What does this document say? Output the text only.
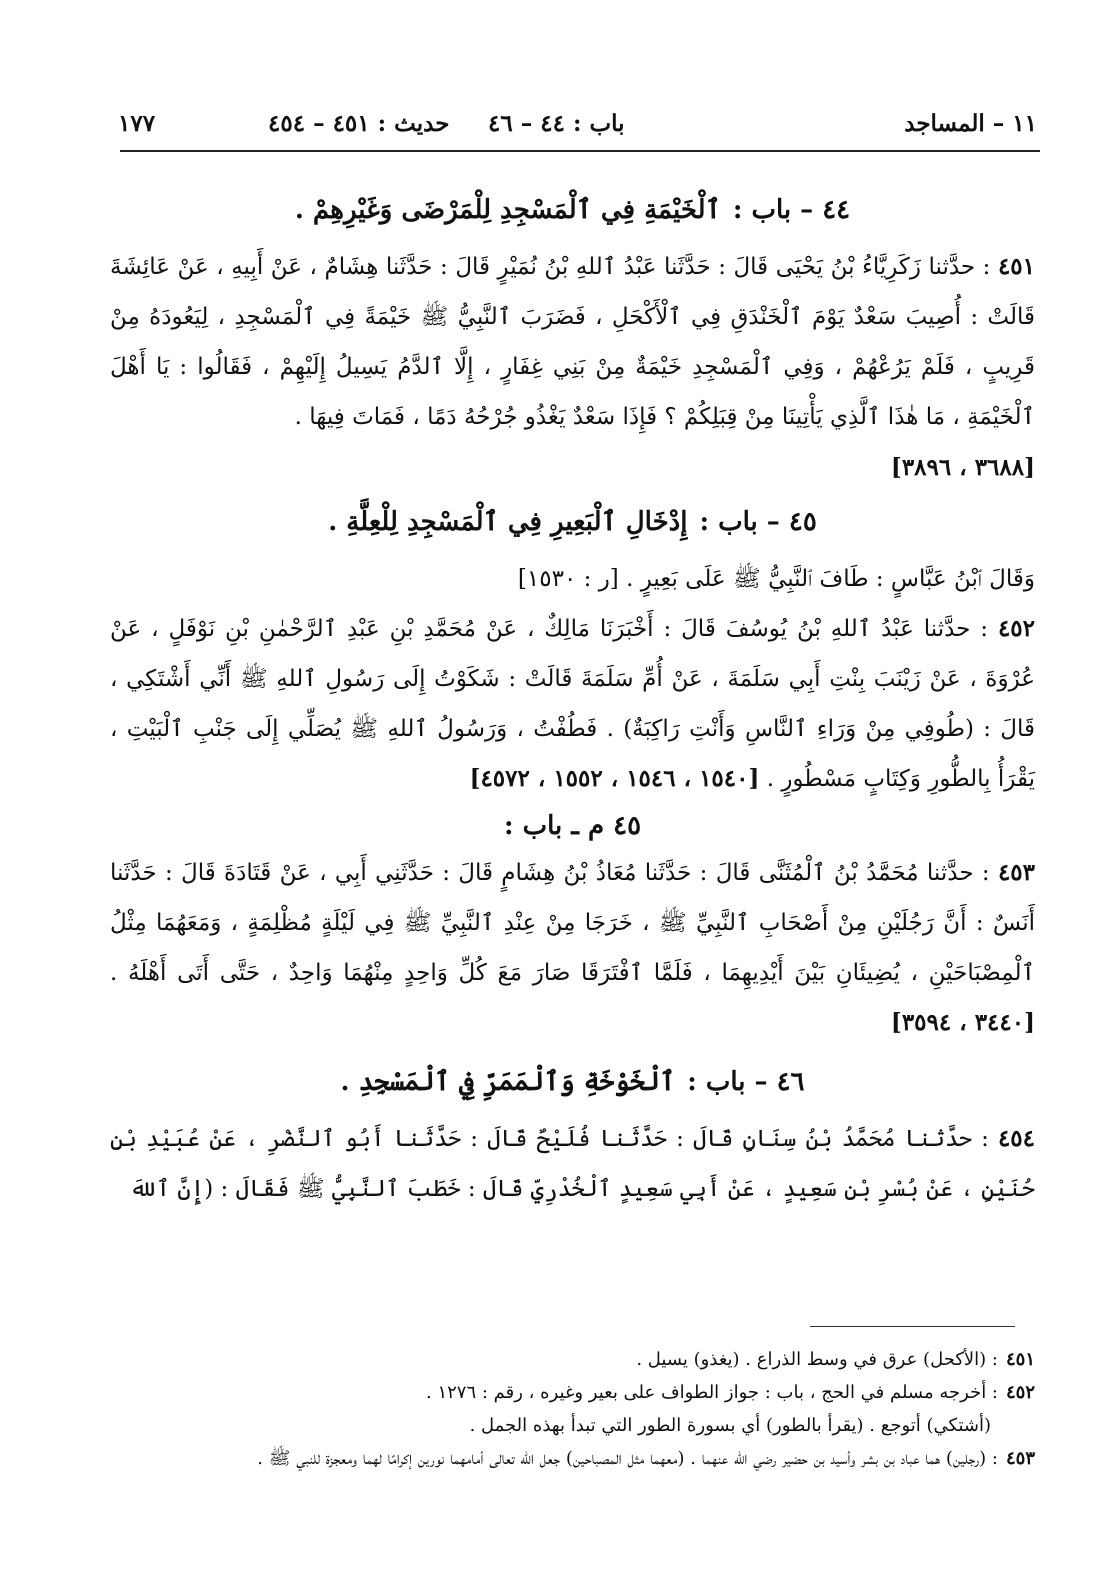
١١ – المساجد
باب : ٤٤ – ٤٦
حديث : ٤٥١ – ٤٥٤
١٧٧
٤٤ – باب :ٱلْخَيْمَةِ فِي ٱلْمَسْجِدِ لِلْمَرْضَى وَغَيْرِهِمْ .

٤٥١ : حدَّثنا زَكَرِيَّاءُ بْنُ يَحْيَى قَالَ : حَدَّثَنا عَبْدُ ٱللهِ بْنُ نُمَيْرٍ قَالَ : حَدَّثَنا هِشَامٌ ، عَنْ أَبِيهِ ، عَنْ عَائِشَةَ قَالَتْ : أُصِيبَ سَعْدٌ يَوْمَ ٱلْخَنْدَقِ فِي ٱلْأَكْحَلِ ، فَضَرَبَ ٱلنَّبِيُّ ﷺ خَيْمَةً فِي ٱلْمَسْجِدِ ، لِيَعُودَهُ مِنْ قَرِيبٍ ، فَلَمْ يَرُعْهُمْ ، وَفِي ٱلْمَسْجِدِ خَيْمَةٌ مِنْ بَنِي غِفَارٍ ، إِلَّا ٱلدَّمُ يَسِيلُ إِلَيْهِمْ ، فَقَالُوا : يَا أَهْلَ ٱلْخَيْمَةِ ، مَا هٰذَا ٱلَّذِي يَأْتِينَا مِنْ قِبَلِكُمْ ؟ فَإِذَا سَعْدٌ يَغْذُو جُرْحُهُ دَمًا ، فَمَاتَ فِيهَا .

[٣٦٨٨ ، ٣٨٩٦]
٤٥ – باب :إِدْخَالِ ٱلْبَعِيرِ فِي ٱلْمَسْجِدِ لِلْعِلَّةِ .

وَقَالَ ٱبْنُ عَبَّاسٍ : طَافَ ٱلنَّبِيُّ ﷺ عَلَى بَعِيرٍ . [ر : ١٥٣٠]

٤٥٢ : حدَّثنا عَبْدُ ٱللهِ بْنُ يُوسُفَ قَالَ : أَخْبَرَنَا مَالِكٌ ، عَنْ مُحَمَّدِ بْنِ عَبْدِ ٱلرَّحْمٰنِ بْنِ نَوْفَلٍ ، عَنْ عُرْوَةَ ، عَنْ زَيْنَبَ بِنْتِ أَبِي سَلَمَةَ ، عَنْ أُمِّ سَلَمَةَ قَالَتْ : شَكَوْتُ إِلَى رَسُولِ ٱللهِ ﷺ أَنِّي أَشْتَكِي ، قَالَ : (طُوفِي مِنْ وَرَاءِ ٱلنَّاسِ وَأَنْتِ رَاكِبَةٌ) . فَطُفْتُ ، وَرَسُولُ ٱللهِ ﷺ يُصَلِّي إِلَى جَنْبِ ٱلْبَيْتِ ، يَقْرَأُ بِالطُّورِ وَكِتَابٍ مَسْطُورٍ . [١٥٤٠ ، ١٥٤٦ ، ١٥٥٢ ، ٤٥٧٢]

٤٥ م ـ باب :

٤٥٣ : حدَّثنا مُحَمَّدُ بْنُ ٱلْمُثَنَّى قَالَ : حَدَّثَنا مُعَاذُ بْنُ هِشَامٍ قَالَ : حَدَّثَنِي أَبِي ، عَنْ قَتَادَةَ قَالَ : حَدَّثَنا أَنَسٌ : أَنَّ رَجُلَيْنِ مِنْ أَصْحَابِ ٱلنَّبِيِّ ﷺ ، خَرَجَا مِنْ عِنْدِ ٱلنَّبِيِّ ﷺ فِي لَيْلَةٍ مُظْلِمَةٍ ، وَمَعَهُمَا مِثْلُ ٱلْمِصْبَاحَيْنِ ، يُضِيئَانِ بَيْنَ أَيْدِيهِمَا ، فَلَمَّا ٱفْتَرَقَا صَارَ مَعَ كُلِّ وَاحِدٍ مِنْهُمَا وَاحِدٌ ، حَتَّى أَتَى أَهْلَهُ . [٣٤٤٠ ، ٣٥٩٤]

٤٦ – باب :ٱلْخَوْخَةِ وَٱلْمَمَرِّ فِي ٱلْمَسْجِدِ .

٤٥٤ : حدَّثنا مُحَمَّدُ بْنُ سِنَانٍ قَالَ : حَدَّثَنا فُلَيْحٌ قَالَ : حَدَّثَنا أَبُو ٱلنَّضْرِ ، عَنْ عُبَيْدِ بْنِ حُنَيْنٍ ، عَنْ بُسْرِ بْنِ سَعِيدٍ ، عَنْ أَبِي سَعِيدٍ ٱلْخُدْرِيِّ قَالَ : خَطَبَ ٱلنَّبِيُّ ﷺ فَقَالَ : (إِنَّ ٱللهَ

٤٥١: (الأكحل) عرق في وسط الذراع . (يغذو) يسيل .
٤٥٢: أخرجه مسلم في الحج ، باب : جواز الطواف على بعير وغيره ، رقم : ١٢٧٦ .
(أشتكي) أتوجع . (يقرأ بالطور) أي بسورة الطور التي تبدأ بهذه الجمل .
٤٥٣: (رجلين) هما عباد بن بشر وأسيد بن حضير رضي الله عنهما . (معهما مثل المصباحين) جعل الله تعالى أمامهما نورين إكرامًا لهما ومعجزة للنبي ﷺ .
